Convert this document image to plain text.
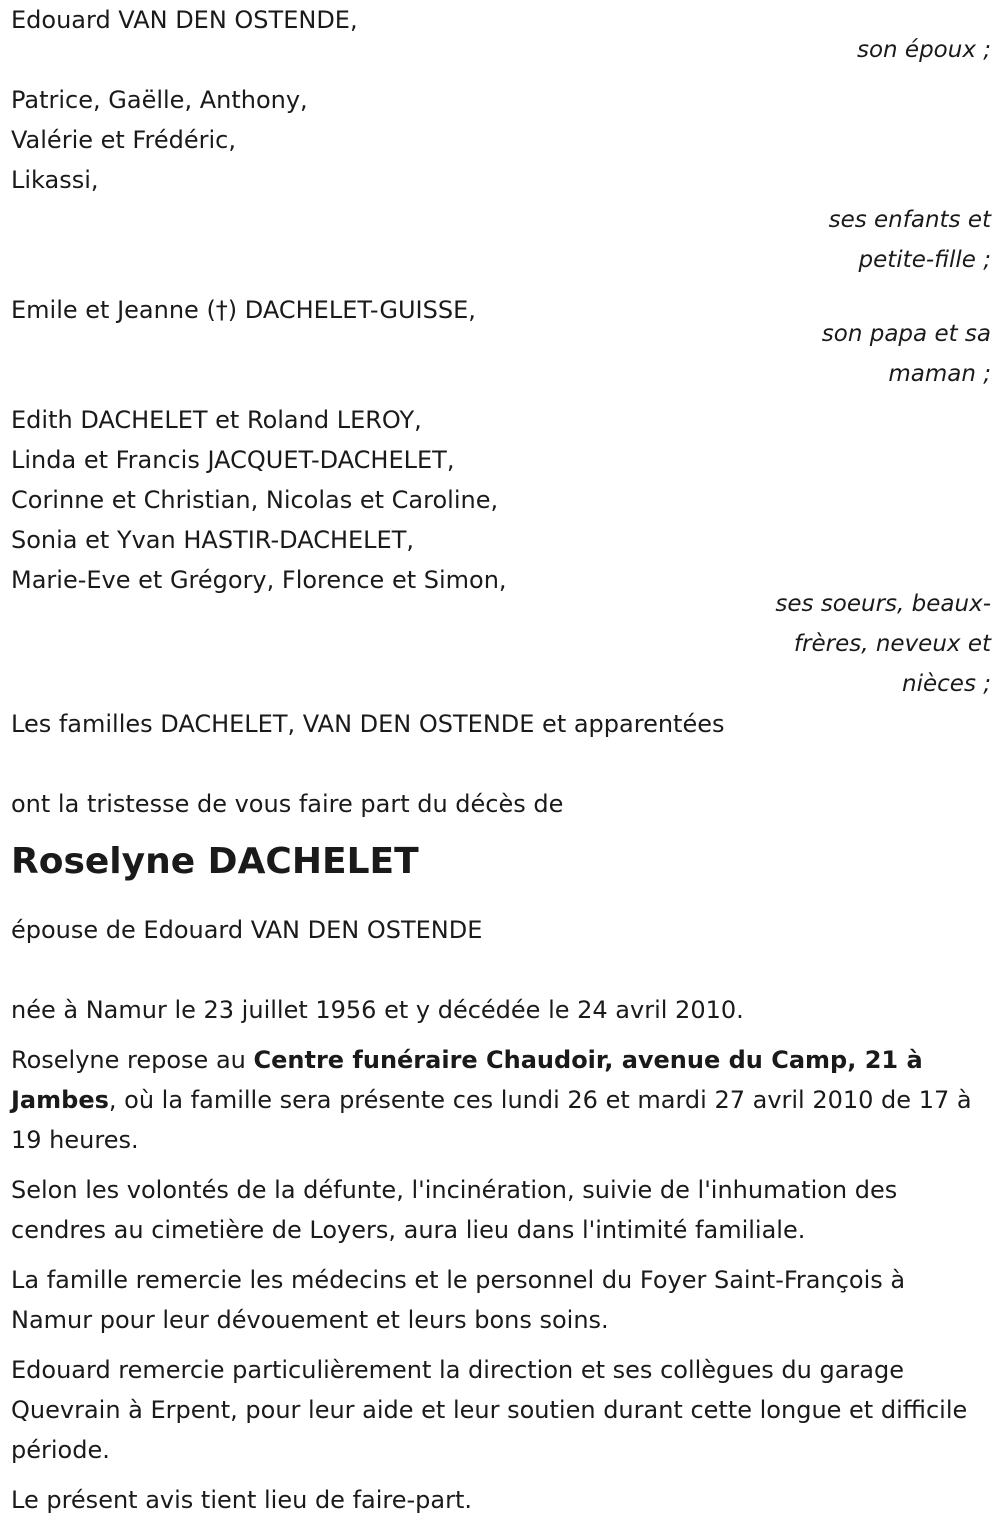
Edouard VAN DEN OSTENDE,
son époux ;
Patrice, Gaëlle, Anthony,
Valérie et Frédéric,
Likassi,
ses enfants et
petite-fille ;
Emile et Jeanne (†) DACHELET-GUISSE,
son papa et sa
maman ;
Edith DACHELET et Roland LEROY,
Linda et Francis JACQUET-DACHELET,
Corinne et Christian, Nicolas et Caroline,
Sonia et Yvan HASTIR-DACHELET,
Marie-Eve et Grégory, Florence et Simon,
ses soeurs, beaux-
frères, neveux et
nièces ;
Les familles DACHELET, VAN DEN OSTENDE et apparentées
ont la tristesse de vous faire part du décès de
Roselyne DACHELET
épouse de Edouard VAN DEN OSTENDE
née à Namur le 23 juillet 1956 et y décédée le 24 avril 2010.
Roselyne repose au Centre funéraire Chaudoir, avenue du Camp, 21 à Jambes, où la famille sera présente ces lundi 26 et mardi 27 avril 2010 de 17 à 19 heures.
Selon les volontés de la défunte, l'incinération, suivie de l'inhumation des cendres au cimetière de Loyers, aura lieu dans l'intimité familiale.
La famille remercie les médecins et le personnel du Foyer Saint-François à Namur pour leur dévouement et leurs bons soins.
Edouard remercie particulièrement la direction et ses collègues du garage Quevrain à Erpent, pour leur aide et leur soutien durant cette longue et difficile période.
Le présent avis tient lieu de faire-part.
